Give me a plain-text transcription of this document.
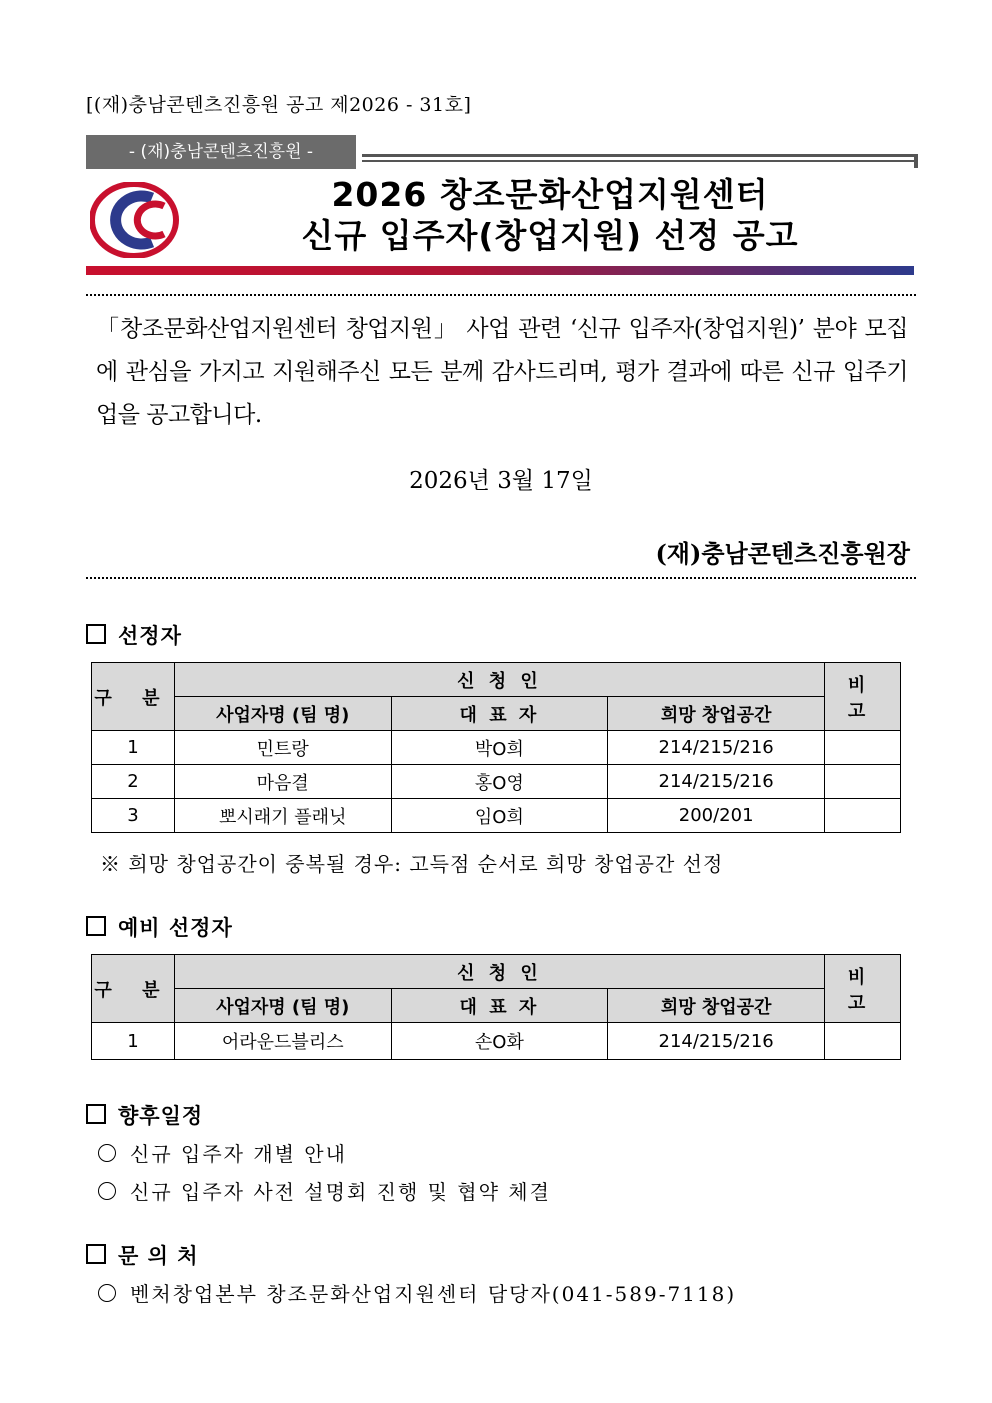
[(재)충남콘텐츠진흥원 공고 제2026 - 31호]
- (재)충남콘텐츠진흥원 -
2026 창조문화산업지원센터
신규 입주자(창업지원) 선정 공고
「창조문화산업지원센터 창업지원」 사업 관련 ‘신규 입주자(창업지원)’ 분야 모집에 관심을 가지고 지원해주신 모든 분께 감사드리며, 평가 결과에 따른 신규 입주기업을 공고합니다.
2026년 3월 17일
(재)충남콘텐츠진흥원장
선정자
구 분	신 청 인			비 고
	사업자명 (팀 명)	대 표 자	희망 창업공간	
1	민트랑	박O희	214/215/216	
2	마음결	홍O영	214/215/216	
3	뽀시래기 플래닛	임O희	200/201	
※ 희망 창업공간이 중복될 경우: 고득점 순서로 희망 창업공간 선정
예비 선정자
구 분	신 청 인			비 고
	사업자명 (팀 명)	대 표 자	희망 창업공간	
1	어라운드블리스	손O화	214/215/216	
향후일정
신규 입주자 개별 안내
신규 입주자 사전 설명회 진행 및 협약 체결
문 의 처
벤처창업본부 창조문화산업지원센터 담당자(041-589-7118)
